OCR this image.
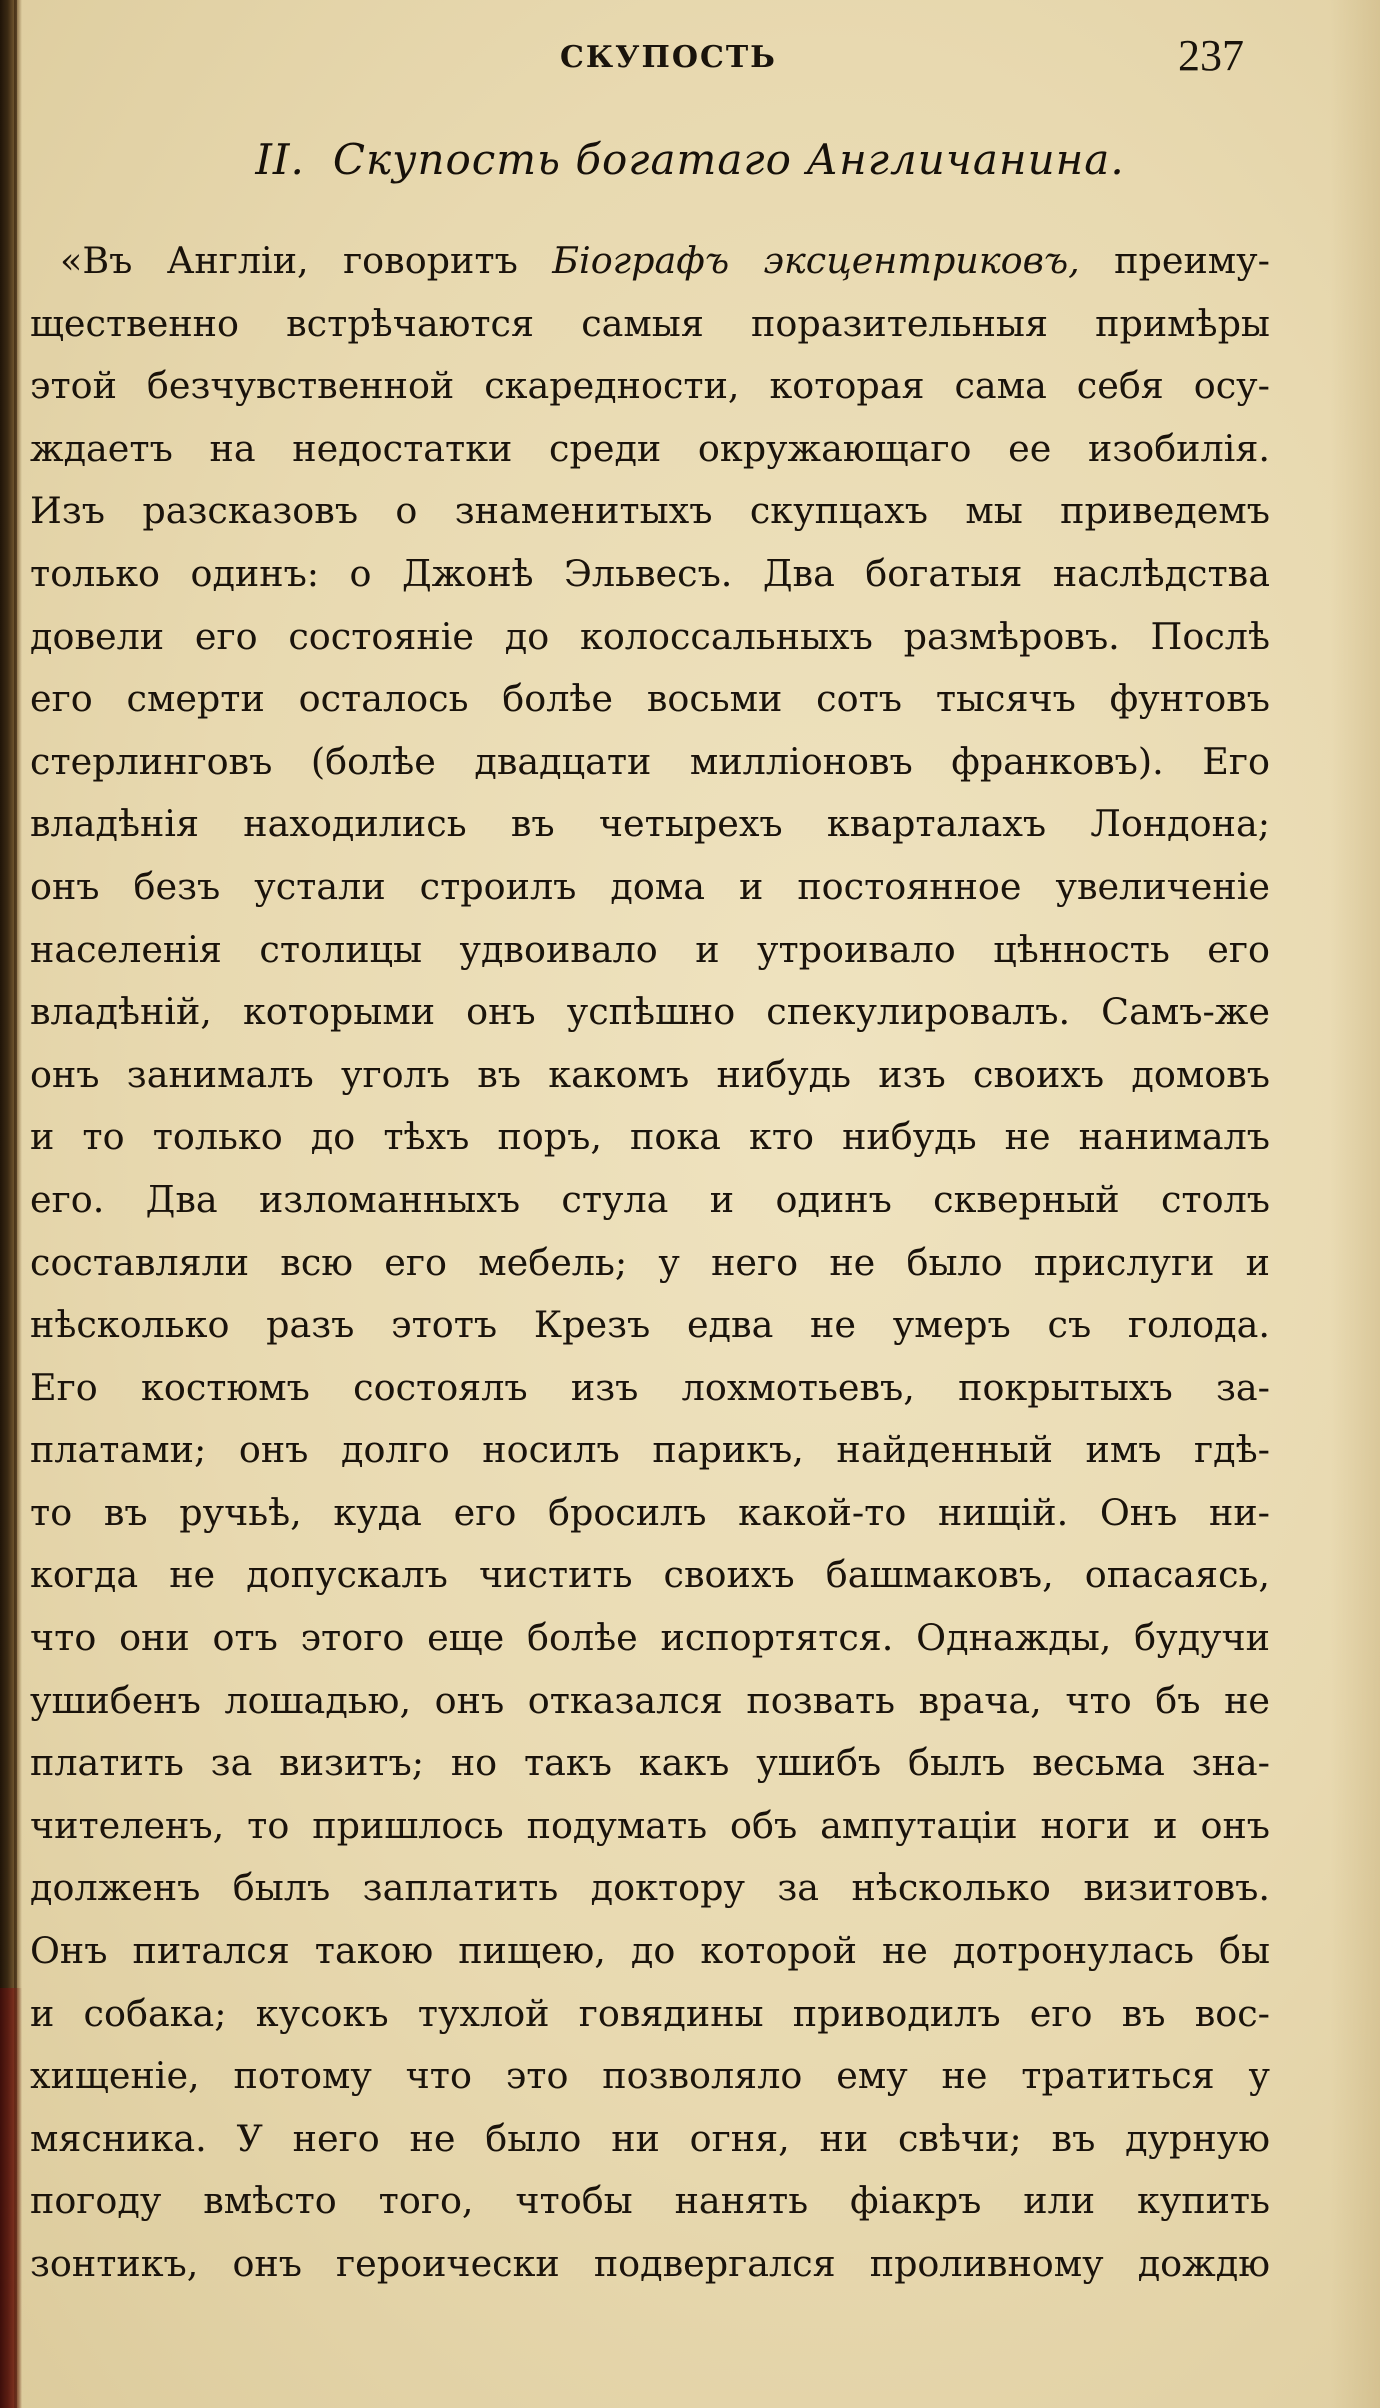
СКУПОСТЬ	237
II. Скупость богатаго Англичанина.
«Въ Англіи, говоритъ Біографъ эксцентриковъ, преиму-
щественно встрѣчаются самыя поразительныя примѣры
этой безчувственной скаредности, которая сама себя осу-
ждаетъ на недостатки среди окружающаго ее изобилія.
Изъ разсказовъ о знаменитыхъ скупцахъ мы приведемъ
только одинъ: о Джонѣ Эльвесъ. Два богатыя наслѣдства
довели его состояніе до колоссальныхъ размѣровъ. Послѣ
его смерти осталось болѣе восьми сотъ тысячъ фунтовъ
стерлинговъ (болѣе двадцати милліоновъ франковъ). Его
владѣнія находились въ четырехъ кварталахъ Лондона;
онъ безъ устали строилъ дома и постоянное увеличеніе
населенія столицы удвоивало и утроивало цѣнность его
владѣній, которыми онъ успѣшно спекулировалъ. Самъ-же
онъ занималъ уголъ въ какомъ нибудь изъ своихъ домовъ
и то только до тѣхъ поръ, пока кто нибудь не нанималъ
его. Два изломанныхъ стула и одинъ скверный столъ
составляли всю его мебель; у него не было прислуги и
нѣсколько разъ этотъ Крезъ едва не умеръ съ голода.
Его костюмъ состоялъ изъ лохмотьевъ, покрытыхъ за-
платами; онъ долго носилъ парикъ, найденный имъ гдѣ-
то въ ручьѣ, куда его бросилъ какой-то нищій. Онъ ни-
когда не допускалъ чистить своихъ башмаковъ, опасаясь,
что они отъ этого еще болѣе испортятся. Однажды, будучи
ушибенъ лошадью, онъ отказался позвать врача, что бъ не
платить за визитъ; но такъ какъ ушибъ былъ весьма зна-
чителенъ, то пришлось подумать объ ампутаціи ноги и онъ
долженъ былъ заплатить доктору за нѣсколько визитовъ.
Онъ питался такою пищею, до которой не дотронулась бы
и собака; кусокъ тухлой говядины приводилъ его въ вос-
хищеніе, потому что это позволяло ему не тратиться у
мясника. У него не было ни огня, ни свѣчи; въ дурную
погоду вмѣсто того, чтобы нанять фіакръ или купить
зонтикъ, онъ героически подвергался проливному дождю
